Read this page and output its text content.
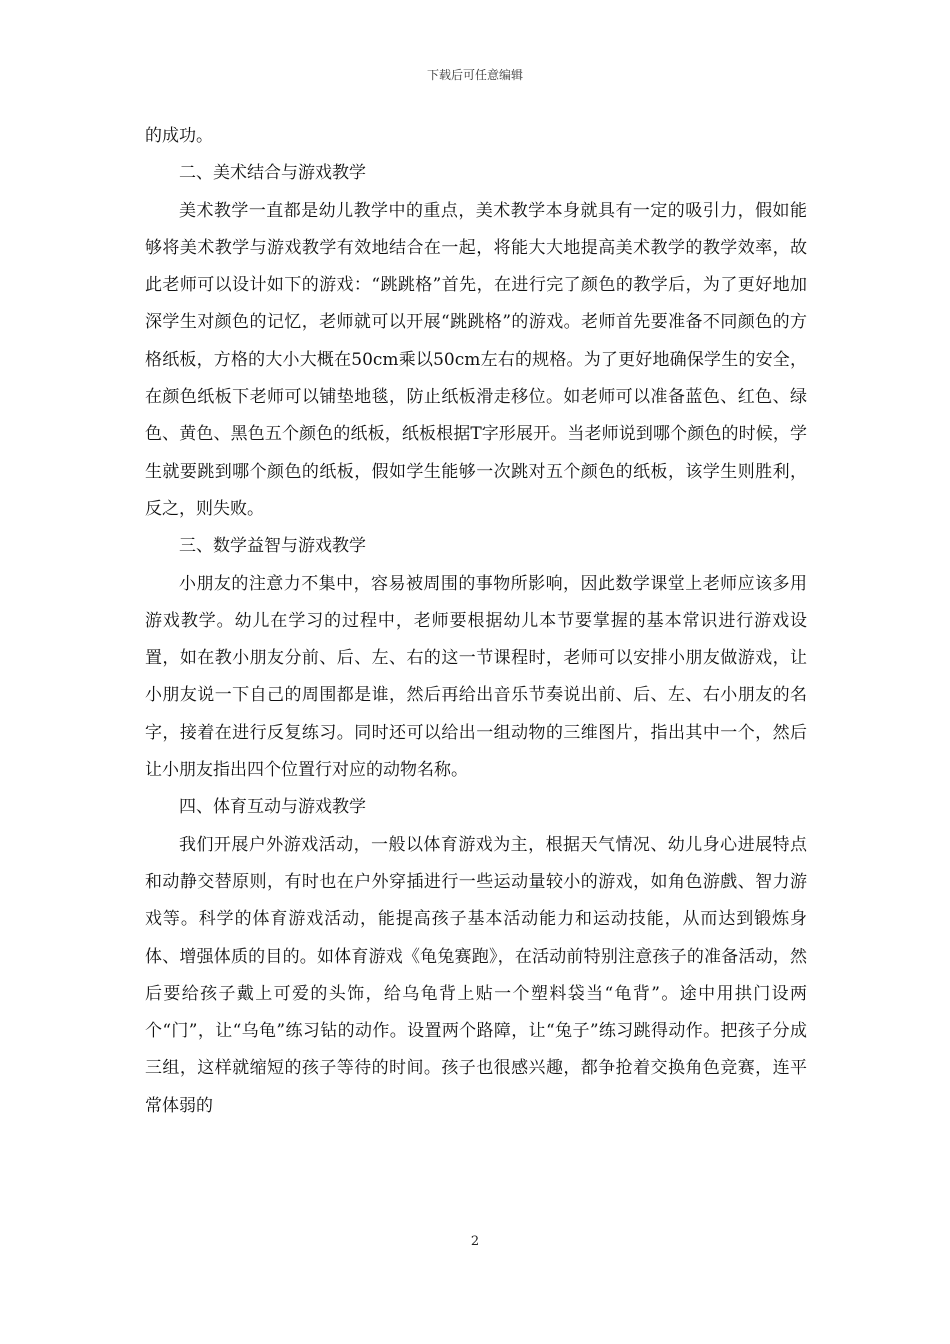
下载后可任意编辑

的成功。

二、美术结合与游戏教学

美术教学一直都是幼儿教学中的重点，美术教学本身就具有一定的吸引力，假如能够将美术教学与游戏教学有效地结合在一起，将能大大地提高美术教学的教学效率，故此老师可以设计如下的游戏：“跳跳格”首先，在进行完了颜色的教学后，为了更好地加深学生对颜色的记忆，老师就可以开展“跳跳格”的游戏。老师首先要准备不同颜色的方格纸板，方格的大小大概在50cm乘以50cm左右的规格。为了更好地确保学生的安全，在颜色纸板下老师可以铺垫地毯，防止纸板滑走移位。如老师可以准备蓝色、红色、绿色、黄色、黑色五个颜色的纸板，纸板根据T字形展开。当老师说到哪个颜色的时候，学生就要跳到哪个颜色的纸板，假如学生能够一次跳对五个颜色的纸板，该学生则胜利，反之，则失败。

三、数学益智与游戏教学

小朋友的注意力不集中，容易被周围的事物所影响，因此数学课堂上老师应该多用游戏教学。幼儿在学习的过程中，老师要根据幼儿本节要掌握的基本常识进行游戏设置，如在教小朋友分前、后、左、右的这一节课程时，老师可以安排小朋友做游戏，让小朋友说一下自己的周围都是谁，然后再给出音乐节奏说出前、后、左、右小朋友的名字，接着在进行反复练习。同时还可以给出一组动物的三维图片，指出其中一个，然后让小朋友指出四个位置行对应的动物名称。

四、体育互动与游戏教学

我们开展户外游戏活动，一般以体育游戏为主，根据天气情况、幼儿身心进展特点和动静交替原则，有时也在户外穿插进行一些运动量较小的游戏，如角色游戲、智力游戏等。科学的体育游戏活动，能提高孩子基本活动能力和运动技能，从而达到锻炼身体、增强体质的目的。如体育游戏《龟兔赛跑》，在活动前特别注意孩子的准备活动，然后要给孩子戴上可爱的头饰，给乌龟背上贴一个塑料袋当“龟背”。途中用拱门设两个“门”，让“乌龟”练习钻的动作。设置两个路障，让“兔子”练习跳得动作。把孩子分成三组，这样就缩短的孩子等待的时间。孩子也很感兴趣，都争抢着交换角色竞赛，连平常体弱的

2
